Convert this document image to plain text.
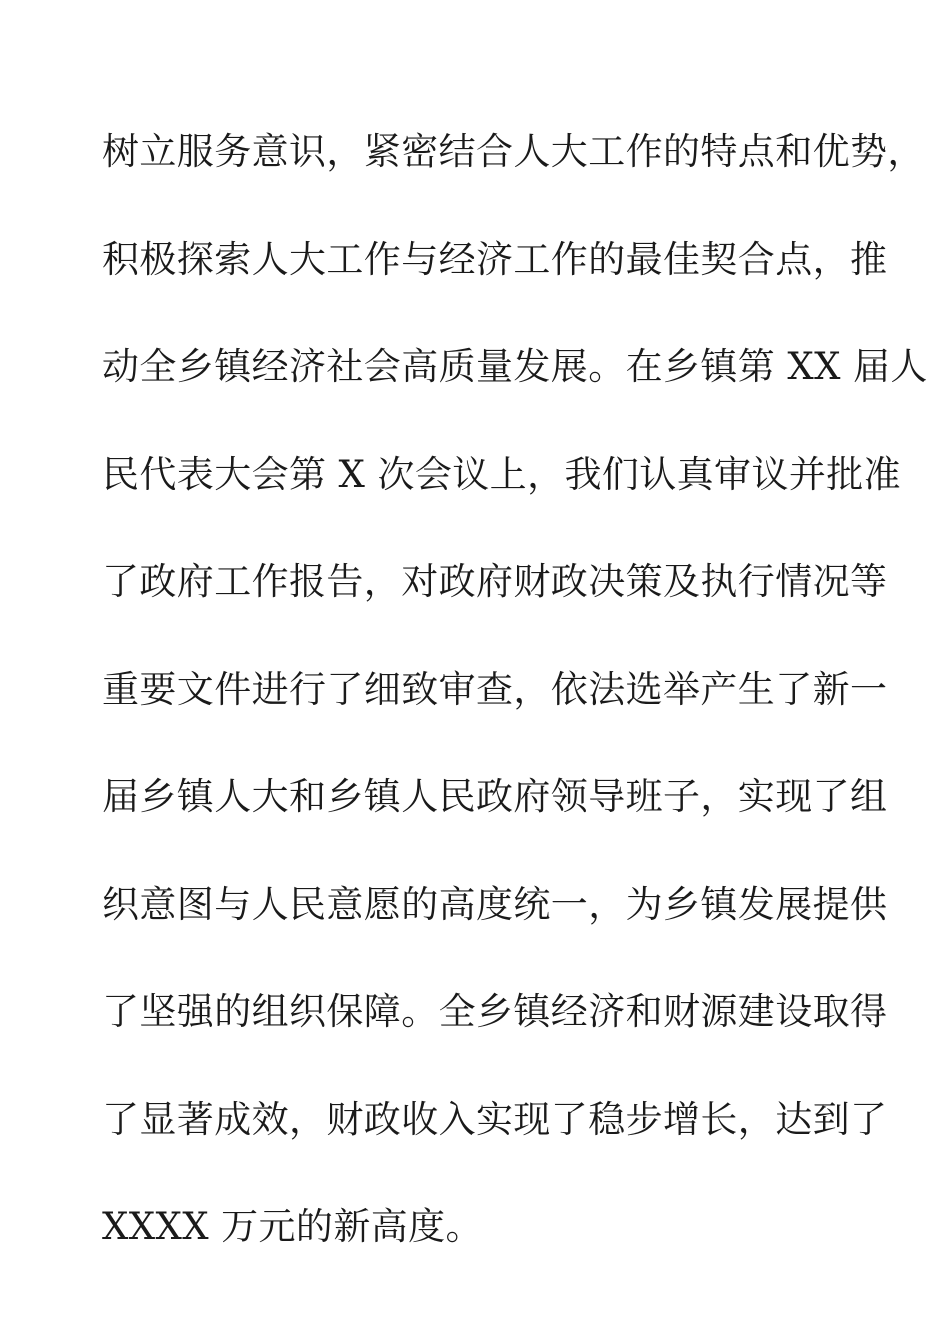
树立服务意识，紧密结合人大工作的特点和优势，
积极探索人大工作与经济工作的最佳契合点，推
动全乡镇经济社会高质量发展。在乡镇第 XX 届人
民代表大会第 X 次会议上，我们认真审议并批准
了政府工作报告，对政府财政决策及执行情况等
重要文件进行了细致审查，依法选举产生了新一
届乡镇人大和乡镇人民政府领导班子，实现了组
织意图与人民意愿的高度统一，为乡镇发展提供
了坚强的组织保障。全乡镇经济和财源建设取得
了显著成效，财政收入实现了稳步增长，达到了
XXXX 万元的新高度。
